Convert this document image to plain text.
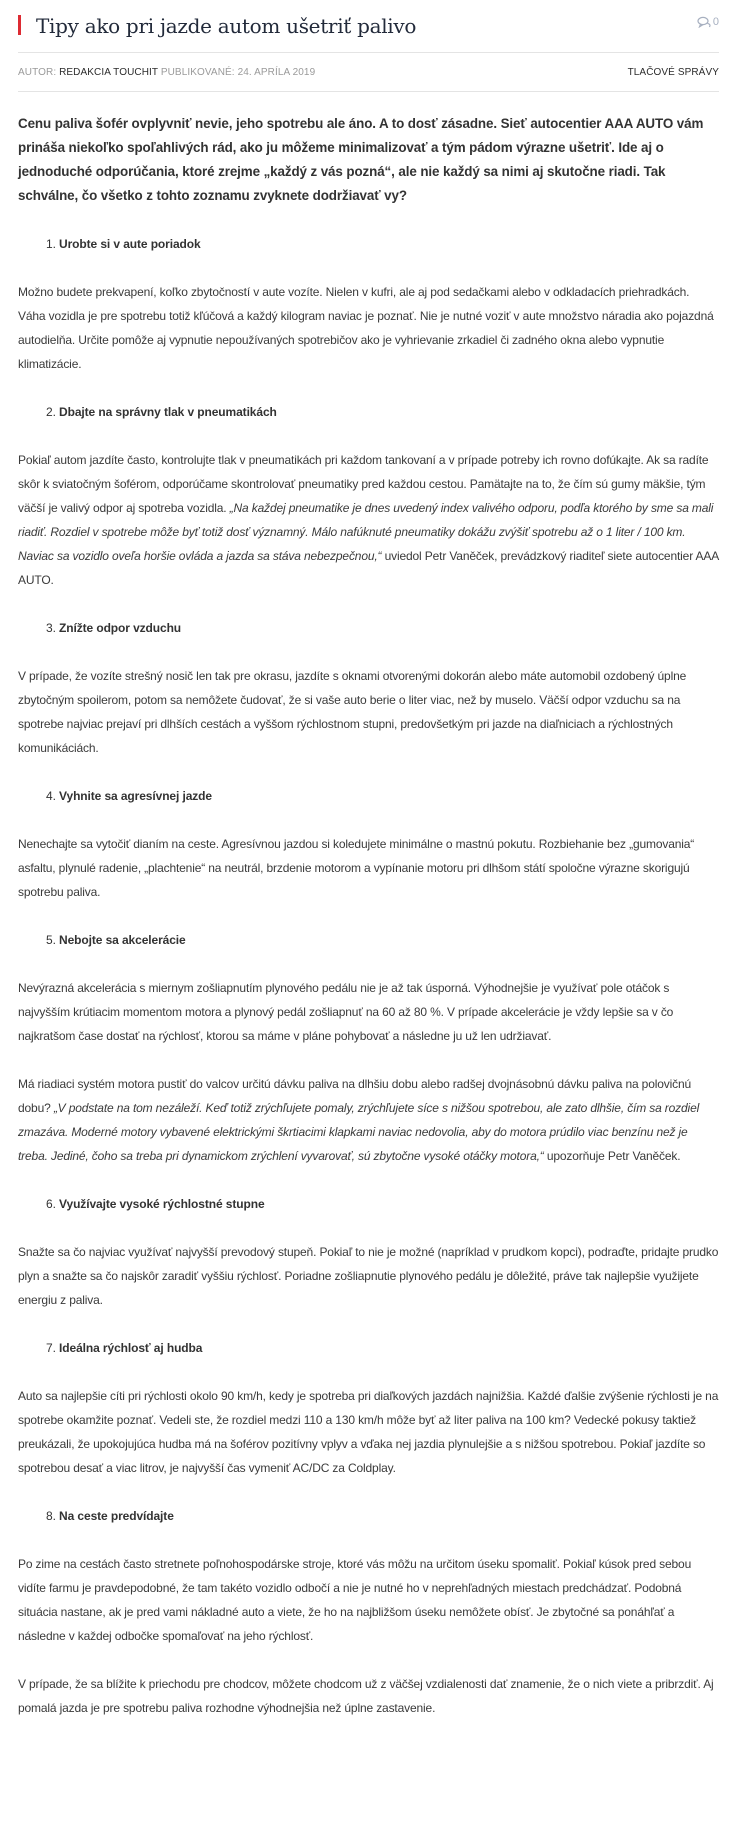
Tipy ako pri jazde autom ušetriť palivo	0
AUTOR: REDAKCIA TOUCHIT PUBLIKOVANÉ: 24. APRÍLA 2019	TLAČOVÉ SPRÁVY

Cenu paliva šofér ovplyvniť nevie, jeho spotrebu ale áno. A to dosť zásadne. Sieť autocentier AAA AUTO vám prináša niekoľko spoľahlivých rád, ako ju môžeme minimalizovať a tým pádom výrazne ušetriť. Ide aj o jednoduché odporúčania, ktoré zrejme „každý z vás pozná“, ale nie každý sa nimi aj skutočne riadi. Tak schválne, čo všetko z tohto zoznamu zvyknete dodržiavať vy?

1. Urobte si v aute poriadok

Možno budete prekvapení, koľko zbytočností v aute vozíte. Nielen v kufri, ale aj pod sedačkami alebo v odkladacích priehradkách. Váha vozidla je pre spotrebu totiž kľúčová a každý kilogram naviac je poznať. Nie je nutné voziť v aute množstvo náradia ako pojazdná autodielňa. Určite pomôže aj vypnutie nepoužívaných spotrebičov ako je vyhrievanie zrkadiel či zadného okna alebo vypnutie klimatizácie.

2. Dbajte na správny tlak v pneumatikách

Pokiaľ autom jazdíte často, kontrolujte tlak v pneumatikách pri každom tankovaní a v prípade potreby ich rovno dofúkajte. Ak sa radíte skôr k sviatočným šoférom, odporúčame skontrolovať pneumatiky pred každou cestou. Pamätajte na to, že čím sú gumy mäkšie, tým väčší je valivý odpor aj spotreba vozidla. „Na každej pneumatike je dnes uvedený index valivého odporu, podľa ktorého by sme sa mali riadiť. Rozdiel v spotrebe môže byť totiž dosť významný. Málo nafúknuté pneumatiky dokážu zvýšiť spotrebu až o 1 liter / 100 km. Naviac sa vozidlo oveľa horšie ovláda a jazda sa stáva nebezpečnou,“ uviedol Petr Vaněček, prevádzkový riaditeľ siete autocentier AAA AUTO.

3. Znížte odpor vzduchu

V prípade, že vozíte strešný nosič len tak pre okrasu, jazdíte s oknami otvorenými dokorán alebo máte automobil ozdobený úplne zbytočným spoilerom, potom sa nemôžete čudovať, že si vaše auto berie o liter viac, než by muselo. Väčší odpor vzduchu sa na spotrebe najviac prejaví pri dlhších cestách a vyššom rýchlostnom stupni, predovšetkým pri jazde na diaľniciach a rýchlostných komunikáciách.

4. Vyhnite sa agresívnej jazde

Nenechajte sa vytočiť dianím na ceste. Agresívnou jazdou si koledujete minimálne o mastnú pokutu. Rozbiehanie bez „gumovania“ asfaltu, plynulé radenie, „plachtenie“ na neutrál, brzdenie motorom a vypínanie motoru pri dlhšom státí spoločne výrazne skorigujú spotrebu paliva.

5. Nebojte sa akcelerácie

Nevýrazná akcelerácia s miernym zošliapnutím plynového pedálu nie je až tak úsporná. Výhodnejšie je využívať pole otáčok s najvyšším krútiacim momentom motora a plynový pedál zošliapnuť na 60 až 80 %. V prípade akcelerácie je vždy lepšie sa v čo najkratšom čase dostať na rýchlosť, ktorou sa máme v pláne pohybovať a následne ju už len udržiavať.

Má riadiaci systém motora pustiť do valcov určitú dávku paliva na dlhšiu dobu alebo radšej dvojnásobnú dávku paliva na polovičnú dobu? „V podstate na tom nezáleží. Keď totiž zrýchľujete pomaly, zrýchľujete síce s nižšou spotrebou, ale zato dlhšie, čím sa rozdiel zmazáva. Moderné motory vybavené elektrickými škrtiacimi klapkami naviac nedovolia, aby do motora prúdilo viac benzínu než je treba. Jediné, čoho sa treba pri dynamickom zrýchlení vyvarovať, sú zbytočne vysoké otáčky motora,“ upozorňuje Petr Vaněček.

6. Využívajte vysoké rýchlostné stupne

Snažte sa čo najviac využívať najvyšší prevodový stupeň. Pokiaľ to nie je možné (napríklad v prudkom kopci), podraďte, pridajte prudko plyn a snažte sa čo najskôr zaradiť vyššiu rýchlosť. Poriadne zošliapnutie plynového pedálu je dôležité, práve tak najlepšie využijete energiu z paliva.

7. Ideálna rýchlosť aj hudba

Auto sa najlepšie cíti pri rýchlosti okolo 90 km/h, kedy je spotreba pri diaľkových jazdách najnižšia. Každé ďalšie zvýšenie rýchlosti je na spotrebe okamžite poznať. Vedeli ste, že rozdiel medzi 110 a 130 km/h môže byť až liter paliva na 100 km? Vedecké pokusy taktiež preukázali, že upokojujúca hudba má na šoférov pozitívny vplyv a vďaka nej jazdia plynulejšie a s nižšou spotrebou. Pokiaľ jazdíte so spotrebou desať a viac litrov, je najvyšší čas vymeniť AC/DC za Coldplay.

8. Na ceste predvídajte

Po zime na cestách často stretnete poľnohospodárske stroje, ktoré vás môžu na určitom úseku spomaliť. Pokiaľ kúsok pred sebou vidíte farmu je pravdepodobné, že tam takéto vozidlo odbočí a nie je nutné ho v neprehľadných miestach predchádzať. Podobná situácia nastane, ak je pred vami nákladné auto a viete, že ho na najbližšom úseku nemôžete obísť. Je zbytočné sa ponáhľať a následne v každej odbočke spomaľovať na jeho rýchlosť.

V prípade, že sa blížite k priechodu pre chodcov, môžete chodcom už z väčšej vzdialenosti dať znamenie, že o nich viete a pribrzdiť. Aj pomalá jazda je pre spotrebu paliva rozhodne výhodnejšia než úplne zastavenie.
